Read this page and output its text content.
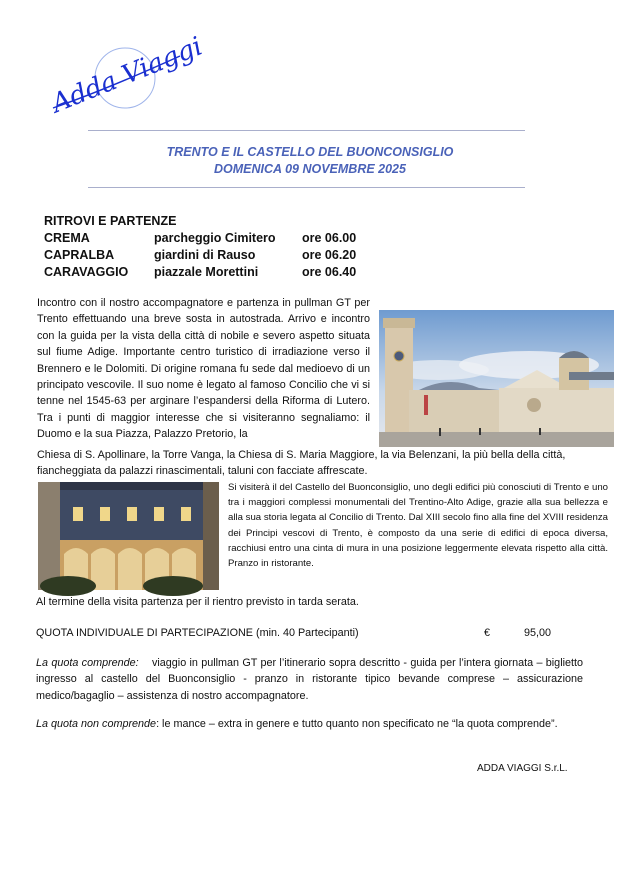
Adda Viaggi
TRENTO E IL CASTELLO DEL BUONCONSIGLIO
DOMENICA 09 NOVEMBRE 2025
RITROVI E PARTENZE
CREMA	parcheggio Cimitero	ore 06.00
CAPRALBA	giardini di Rauso	ore 06.20
CARAVAGGIO	piazzale Morettini	ore 06.40
Incontro con il nostro accompagnatore e partenza in pullman GT per Trento effettuando una breve sosta in autostrada. Arrivo e incontro con la guida per la vista della città di nobile e severo aspetto situata sul fiume Adige. Importante centro turistico di irradiazione verso il Brennero e le Dolomiti. Di origine romana fu sede dal medioevo di un principato vescovile. Il suo nome è legato al famoso Concilio che vi si tenne nel 1545-63 per arginare l’espandersi della Riforma di Lutero. Tra i punti di maggior interesse che si visiteranno segnaliamo: il Duomo e la sua Piazza, Palazzo Pretorio, la
Chiesa di S. Apollinare, la Torre Vanga, la Chiesa di S. Maria Maggiore, la via Belenzani, la più bella della città, fiancheggiata da palazzi rinascimentali, taluni con facciate affrescate.
Si visiterà il del Castello del Buonconsiglio, uno degli edifici più conosciuti di Trento e uno tra i maggiori complessi monumentali del Trentino-Alto Adige, grazie alla sua bellezza e alla sua storia legata al Concilio di Trento. Dal XIII secolo fino alla fine del XVIII residenza dei Principi vescovi di Trento, è composto da una serie di edifici di epoca diversa, racchiusi entro una cinta di mura in una posizione leggermente elevata rispetto alla città. Pranzo in ristorante.
Al termine della visita partenza per il rientro previsto in tarda serata.
QUOTA INDIVIDUALE DI PARTECIPAZIONE (min. 40 Partecipanti)	€	95,00
La quota comprende: viaggio in pullman GT per l’itinerario sopra descritto - guida per l’intera giornata – biglietto ingresso al castello del Buonconsiglio - pranzo in ristorante tipico bevande comprese – assicurazione medico/bagaglio – assistenza di nostro accompagnatore.
La quota non comprende: le mance – extra in genere e tutto quanto non specificato ne “la quota comprende”.
ADDA VIAGGI S.r.L.
